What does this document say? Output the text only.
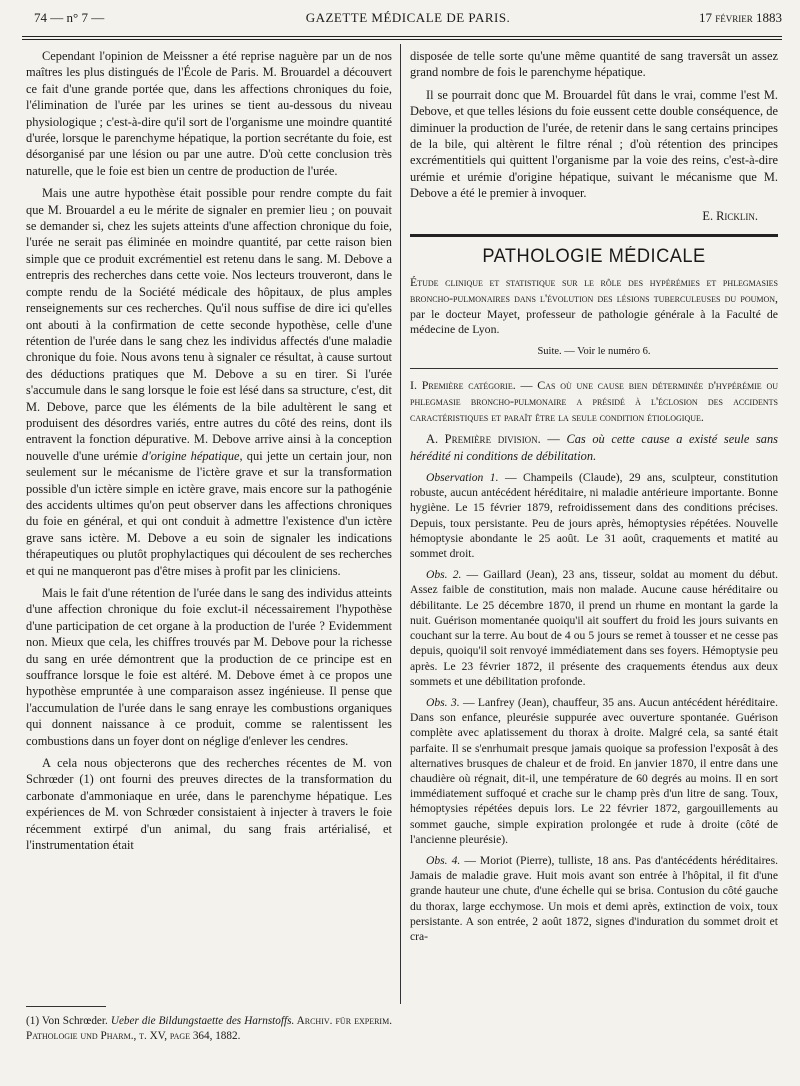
74 — n° 7 —	GAZETTE MÉDICALE DE PARIS.	17 février 1883

Cependant l'opinion de Meissner a été reprise naguère par un de nos maîtres les plus distingués de l'École de Paris. M. Brouardel a découvert ce fait d'une grande portée que, dans les affections chroniques du foie, l'élimination de l'urée par les urines se tient au-dessous du niveau physiologique ; c'est-à-dire qu'il sort de l'organisme une moindre quantité d'urée, lorsque le parenchyme hépatique, la portion secrétante du foie, est désorganisé par une lésion ou par une autre. D'où cette conclusion très naturelle, que le foie est bien un centre de production de l'urée.

Mais une autre hypothèse était possible pour rendre compte du fait que M. Brouardel a eu le mérite de signaler en premier lieu ; on pouvait se demander si, chez les sujets atteints d'une affection chronique du foie, l'urée ne serait pas éliminée en moindre quantité, par cette raison bien simple que ce produit excrémentiel est retenu dans le sang. M. Debove a entrepris des recherches dans cette voie. Nos lecteurs trouveront, dans le compte rendu de la Société médicale des hôpitaux, de plus amples renseignements sur ces recherches. Qu'il nous suffise de dire ici qu'elles ont abouti à la confirmation de cette seconde hypothèse, celle d'une rétention de l'urée dans le sang chez les individus affectés d'une maladie chronique du foie. Nous avons tenu à signaler ce résultat, à cause surtout des déductions pratiques que M. Debove a su en tirer. Si l'urée s'accumule dans le sang lorsque le foie est lésé dans sa structure, c'est, dit M. Debove, parce que les éléments de la bile adultèrent le sang et produisent des désordres variés, entre autres du côté des reins, dont ils entravent la fonction dépurative. M. Debove arrive ainsi à la conception nouvelle d'une urémie d'origine hépatique, qui jette un certain jour, non seulement sur le mécanisme de l'ictère grave et sur la transformation possible d'un ictère simple en ictère grave, mais encore sur la pathogénie des accidents ultimes qu'on peut observer dans les affections chroniques du foie en général, et qui ont conduit à admettre l'existence d'un ictère grave sans ictère. M. Debove a eu soin de signaler les indications thérapeutiques ou plutôt prophylactiques qui découlent de ses recherches et qui ne manqueront pas d'être mises à profit par les cliniciens.

Mais le fait d'une rétention de l'urée dans le sang des individus atteints d'une affection chronique du foie exclut-il nécessairement l'hypothèse d'une participation de cet organe à la production de l'urée ? Evidemment non. Mieux que cela, les chiffres trouvés par M. Debove pour la richesse du sang en urée démontrent que la production de ce principe est en souffrance lorsque le foie est altéré. M. Debove émet à ce propos une hypothèse empruntée à une comparaison assez ingénieuse. Il pense que l'accumulation de l'urée dans le sang enraye les combustions organiques qui donnent naissance à ce produit, comme se ralentissent les combustions dans un foyer dont on néglige d'enlever les cendres.

A cela nous objecterons que des recherches récentes de M. von Schrœder (1) ont fourni des preuves directes de la transformation du carbonate d'ammoniaque en urée, dans le parenchyme hépatique. Les expériences de M. von Schrœder consistaient à injecter à travers le foie récemment extirpé d'un animal, du sang frais artérialisé, et l'instrumentation était

disposée de telle sorte qu'une même quantité de sang traversât un assez grand nombre de fois le parenchyme hépatique.

Il se pourrait donc que M. Brouardel fût dans le vrai, comme l'est M. Debove, et que telles lésions du foie eussent cette double conséquence, de diminuer la production de l'urée, de retenir dans le sang certains principes de la bile, qui altèrent le filtre rénal ; d'où rétention des principes excrémentitiels qui quittent l'organisme par la voie des reins, c'est-à-dire urémie et urémie d'origine hépatique, suivant le mécanisme que M. Debove a été le premier à invoquer.

E. Ricklin.
PATHOLOGIE MÉDICALE

Étude clinique et statistique sur le rôle des hypérémies et phlegmasies broncho-pulmonaires dans l'évolution des lésions tuberculeuses du poumon, par le docteur Mayet, professeur de pathologie générale à la Faculté de médecine de Lyon.

Suite. — Voir le numéro 6.

I. Première catégorie. — Cas où une cause bien déterminée d'hypérémie ou phlegmasie broncho-pulmonaire a présidé à l'éclosion des accidents caractéristiques et paraît être la seule condition étiologique.

A. Première division. — Cas où cette cause a existé seule sans hérédité ni conditions de débilitation.

Observation 1. — Champeils (Claude), 29 ans, sculpteur, constitution robuste, aucun antécédent héréditaire, ni maladie antérieure importante. Bonne hygiène. Le 15 février 1879, refroidissement dans des conditions précises. Depuis, toux persistante. Peu de jours après, hémoptysies répétées. Nouvelle hémoptysie abondante le 25 août. Le 31 août, craquements et matité au sommet droit.

Obs. 2. — Gaillard (Jean), 23 ans, tisseur, soldat au moment du début. Assez faible de constitution, mais non malade. Aucune cause héréditaire ou débilitante. Le 25 décembre 1870, il prend un rhume en montant la garde la nuit. Guérison momentanée quoiqu'il ait souffert du froid les jours suivants en couchant sur la terre. Au bout de 4 ou 5 jours se remet à tousser et ne cesse pas depuis, quoiqu'il soit renvoyé immédiatement dans ses foyers. Hémoptysie peu après. Le 23 février 1872, il présente des craquements étendus aux deux sommets et une débilitation profonde.

Obs. 3. — Lanfrey (Jean), chauffeur, 35 ans. Aucun antécédent héréditaire. Dans son enfance, pleurésie suppurée avec ouverture spontanée. Guérison complète avec aplatissement du thorax à droite. Malgré cela, sa santé était parfaite. Il se s'enrhumait presque jamais quoique sa profession l'exposât à des alternatives brusques de chaleur et de froid. En janvier 1870, il entre dans une chaudière où régnait, dit-il, une température de 60 degrés au moins. Il en sort immédiatement suffoqué et crache sur le champ près d'un litre de sang. Toux, hémoptysies répétées depuis lors. Le 22 février 1872, gargouillements au sommet gauche, simple expiration prolongée et rude à droite (côté de l'ancienne pleurésie).

Obs. 4. — Moriot (Pierre), tulliste, 18 ans. Pas d'antécédents héréditaires. Jamais de maladie grave. Huit mois avant son entrée à l'hôpital, il fit d'une grande hauteur une chute, d'une échelle qui se brisa. Contusion du côté gauche du thorax, large ecchymose. Un mois et demi après, extinction de voix, toux persistante. A son entrée, 2 août 1872, signes d'induration du sommet droit et cra-

(1) Von Schrœder. Ueber die Bildungstaette des Harnstoffs. Archiv. für experim. Pathologie und Pharm., t. XV, page 364, 1882.
